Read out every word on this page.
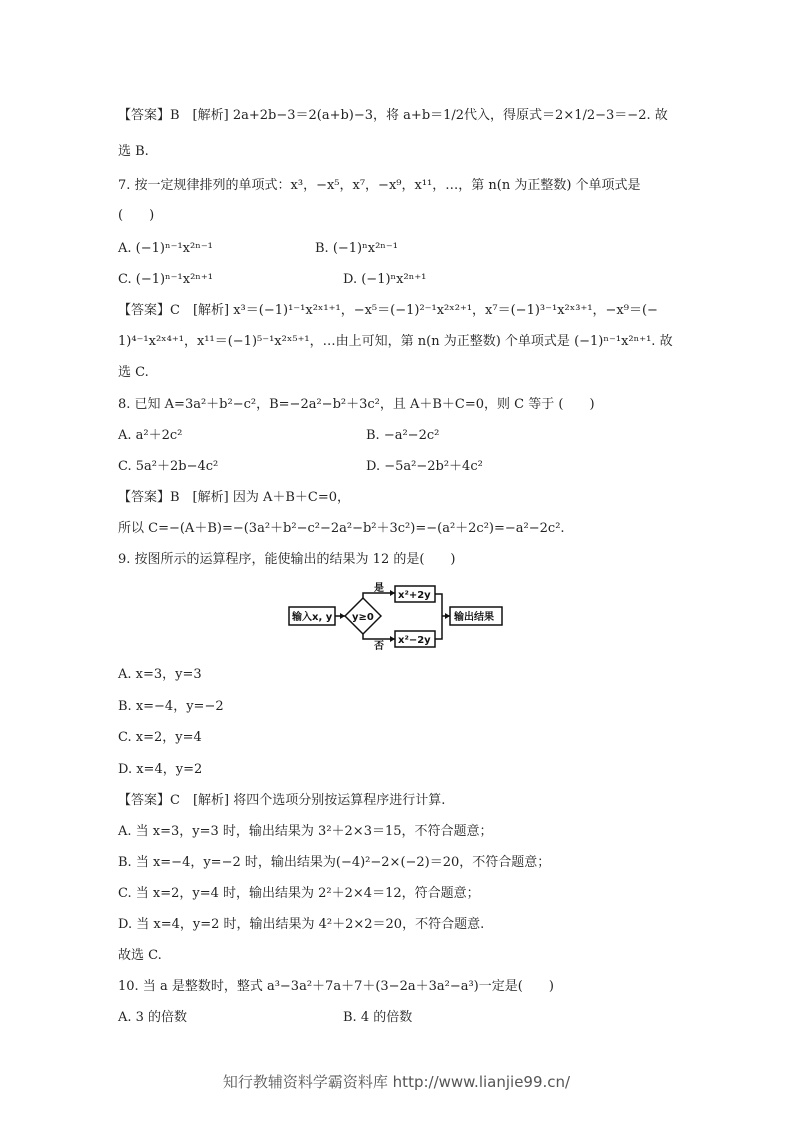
【答案】B　[解析] 2a+2b−3＝2(a+b)−3，将 a+b＝1/2代入，得原式＝2×1/2−3＝−2. 故
选 B.
7. 按一定规律排列的单项式：x³，−x⁵，x⁷，−x⁹，x¹¹，…，第 n(n 为正整数) 个单项式是
(　　)
A. (−1)ⁿ⁻¹x²ⁿ⁻¹	B. (−1)ⁿx²ⁿ⁻¹
C. (−1)ⁿ⁻¹x²ⁿ⁺¹	D. (−1)ⁿx²ⁿ⁺¹
【答案】C　[解析] x³＝(−1)¹⁻¹x²ˣ¹⁺¹，−x⁵＝(−1)²⁻¹x²ˣ²⁺¹，x⁷＝(−1)³⁻¹x²ˣ³⁺¹，−x⁹＝(−
1)⁴⁻¹x²ˣ⁴⁺¹，x¹¹＝(−1)⁵⁻¹x²ˣ⁵⁺¹，…由上可知，第 n(n 为正整数) 个单项式是 (−1)ⁿ⁻¹x²ⁿ⁺¹. 故
选 C.
8. 已知 A=3a²＋b²−c²，B=−2a²−b²＋3c²，且 A＋B＋C=0，则 C 等于 (　　)
A. a²＋2c²	B. −a²−2c²
C. 5a²＋2b−4c²	D. −5a²−2b²＋4c²
【答案】B　[解析] 因为 A＋B＋C=0，
所以 C=−(A＋B)=−(3a²＋b²−c²−2a²−b²＋3c²)=−(a²＋2c²)=−a²−2c².
9. 按图所示的运算程序，能使输出的结果为 12 的是(　　)
输入x, y y≥0
是
否
x²+2y
x²−2y
输出结果
A. x=3，y=3
B. x=−4，y=−2
C. x=2，y=4
D. x=4，y=2
【答案】C　[解析] 将四个选项分别按运算程序进行计算.
A. 当 x=3，y=3 时，输出结果为 3²＋2×3＝15，不符合题意；
B. 当 x=−4，y=−2 时，输出结果为(−4)²−2×(−2)＝20，不符合题意；
C. 当 x=2，y=4 时，输出结果为 2²＋2×4＝12，符合题意；
D. 当 x=4，y=2 时，输出结果为 4²＋2×2＝20，不符合题意.
故选 C.
10. 当 a 是整数时，整式 a³−3a²＋7a＋7＋(3−2a＋3a²−a³)一定是(　　)
A. 3 的倍数	B. 4 的倍数
知行教辅资料学霸资料库 http://www.lianjie99.cn/
